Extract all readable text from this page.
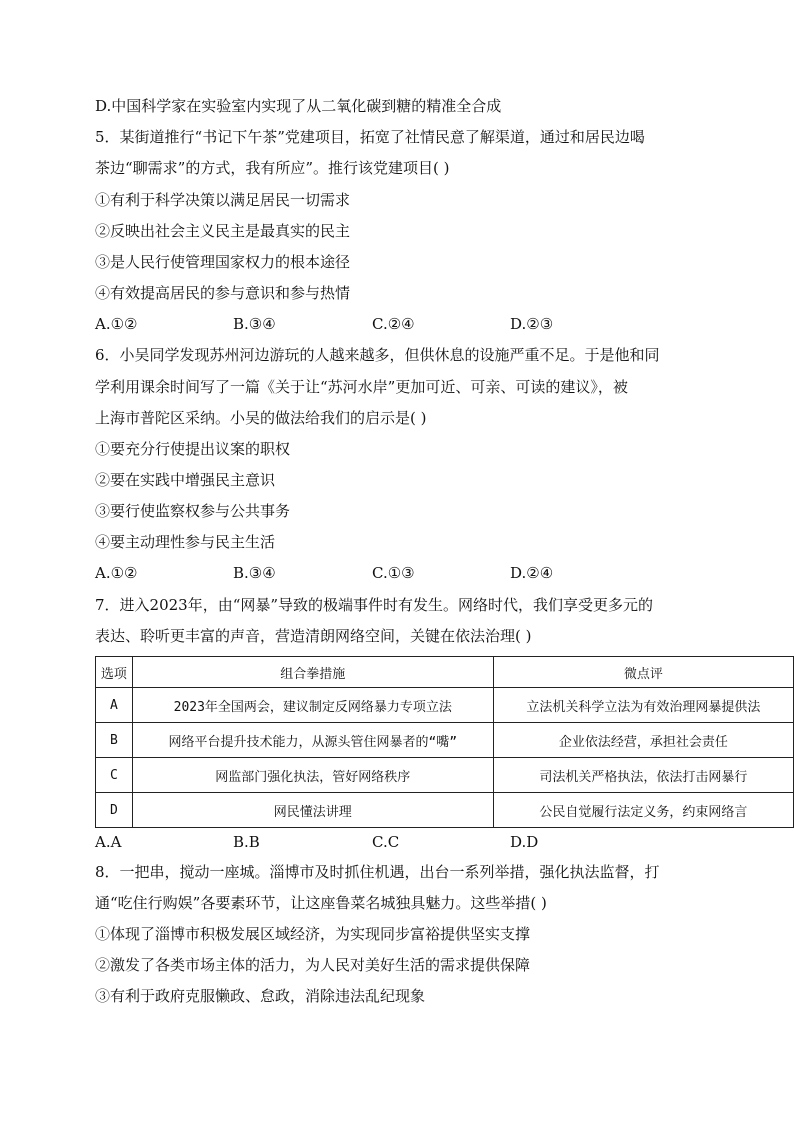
D.中国科学家在实验室内实现了从二氧化碳到糖的精准全合成
5．某街道推行“书记下午茶”党建项目，拓宽了社情民意了解渠道，通过和居民边喝
茶边“聊需求”的方式，我有所应”。推行该党建项目( )
①有利于科学决策以满足居民一切需求
②反映出社会主义民主是最真实的民主
③是人民行使管理国家权力的根本途径
④有效提高居民的参与意识和参与热情
A.①②	B.③④	C.②④	D.②③
6．小吴同学发现苏州河边游玩的人越来越多，但供休息的设施严重不足。于是他和同
学利用课余时间写了一篇《关于让“苏河水岸”更加可近、可亲、可读的建议》，被
上海市普陀区采纳。小吴的做法给我们的启示是( )
①要充分行使提出议案的职权
②要在实践中增强民主意识
③要行使监察权参与公共事务
④要主动理性参与民主生活
A.①②	B.③④	C.①③	D.②④
7．进入2023年，由“网暴”导致的极端事件时有发生。网络时代，我们享受更多元的
表达、聆听更丰富的声音，营造清朗网络空间，关键在依法治理( )
选项	组合拳措施	微点评
A	2023年全国两会，建议制定反网络暴力专项立法	立法机关科学立法为有效治理网暴提供法
B	网络平台提升技术能力，从源头管住网暴者的“嘴”	企业依法经营，承担社会责任
C	网监部门强化执法，管好网络秩序	司法机关严格执法，依法打击网暴行
D	网民懂法讲理	公民自觉履行法定义务，约束网络言
A.A	B.B	C.C	D.D
8．一把串，搅动一座城。淄博市及时抓住机遇，出台一系列举措，强化执法监督，打
通“吃住行购娱”各要素环节，让这座鲁菜名城独具魅力。这些举措( )
①体现了淄博市积极发展区域经济，为实现同步富裕提供坚实支撑
②激发了各类市场主体的活力，为人民对美好生活的需求提供保障
③有利于政府克服懒政、怠政，消除违法乱纪现象
